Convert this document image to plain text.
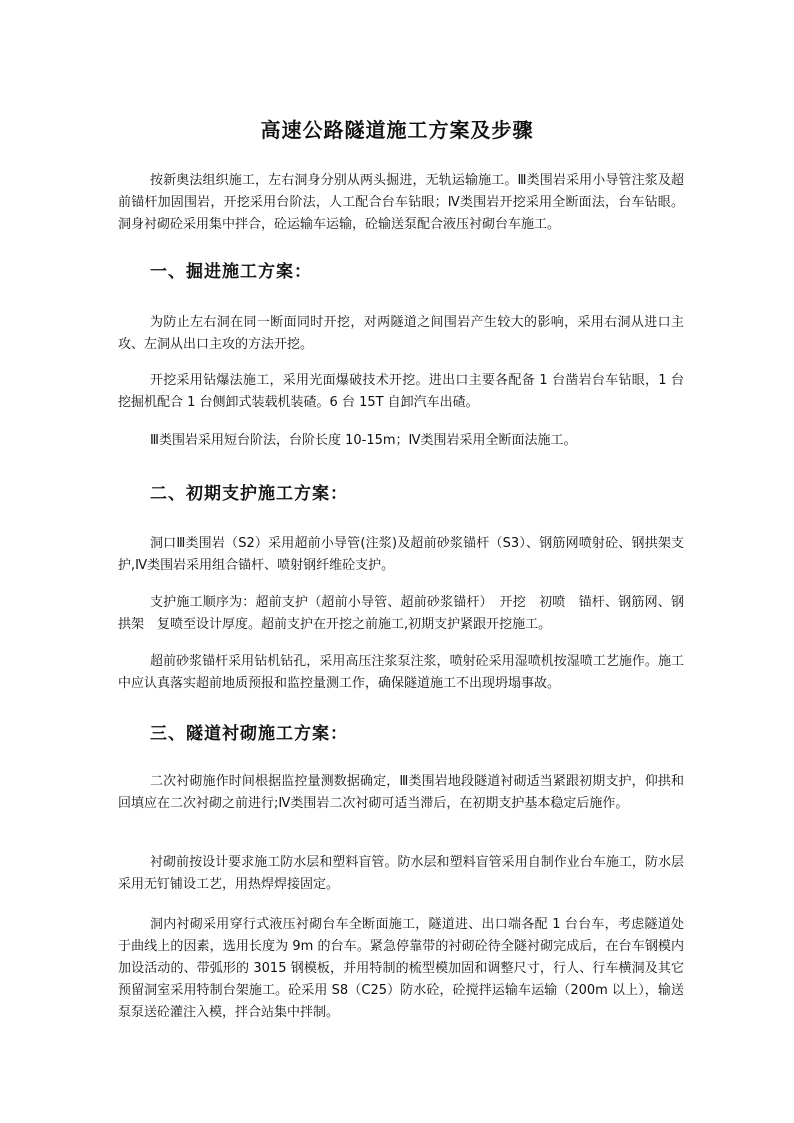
高速公路隧道施工方案及步骤

按新奥法组织施工，左右洞身分别从两头掘进，无轨运输施工。Ⅲ类围岩采用小导管注浆及超前锚杆加固围岩，开挖采用台阶法，人工配合台车钻眼；Ⅳ类围岩开挖采用全断面法，台车钻眼。洞身衬砌砼采用集中拌合，砼运输车运输，砼输送泵配合液压衬砌台车施工。

一、掘进施工方案：

为防止左右洞在同一断面同时开挖，对两隧道之间围岩产生较大的影响，采用右洞从进口主攻、左洞从出口主攻的方法开挖。

开挖采用钻爆法施工，采用光面爆破技术开挖。进出口主要各配备 1 台凿岩台车钻眼，1 台挖掘机配合 1 台侧卸式装载机装碴。6 台 15T 自卸汽车出碴。

Ⅲ类围岩采用短台阶法，台阶长度 10-15m；Ⅳ类围岩采用全断面法施工。

二、初期支护施工方案：

洞口Ⅲ类围岩（S2）采用超前小导管(注浆)及超前砂浆锚杆（S3）、钢筋网喷射砼、钢拱架支护,Ⅳ类围岩采用组合锚杆、喷射钢纤维砼支护。

支护施工顺序为：超前支护（超前小导管、超前砂浆锚杆）　开挖　初喷　锚杆、钢筋网、钢拱架　复喷至设计厚度。超前支护在开挖之前施工,初期支护紧跟开挖施工。

超前砂浆锚杆采用钻机钻孔，采用高压注浆泵注浆，喷射砼采用湿喷机按湿喷工艺施作。施工中应认真落实超前地质预报和监控量测工作，确保隧道施工不出现坍塌事故。

三、隧道衬砌施工方案：

二次衬砌施作时间根据监控量测数据确定，Ⅲ类围岩地段隧道衬砌适当紧跟初期支护，仰拱和回填应在二次衬砌之前进行;Ⅳ类围岩二次衬砌可适当滞后，在初期支护基本稳定后施作。

衬砌前按设计要求施工防水层和塑料盲管。防水层和塑料盲管采用自制作业台车施工，防水层采用无钉铺设工艺，用热焊焊接固定。

洞内衬砌采用穿行式液压衬砌台车全断面施工，隧道进、出口端各配 1 台台车，考虑隧道处于曲线上的因素，选用长度为 9m 的台车。紧急停靠带的衬砌砼待全隧衬砌完成后，在台车钢模内加设活动的、带弧形的 3015 钢模板，并用特制的梳型模加固和调整尺寸，行人、行车横洞及其它预留洞室采用特制台架施工。砼采用 S8（C25）防水砼，砼搅拌运输车运输（200m 以上），输送泵泵送砼灌注入模，拌合站集中拌制。
